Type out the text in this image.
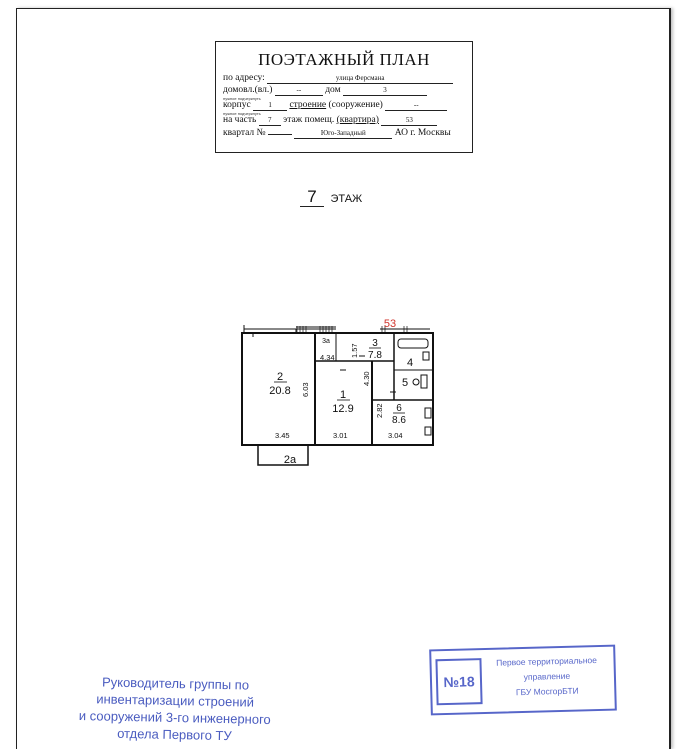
ПОЭТАЖНЫЙ ПЛАН
по адресу:	улица Ферсмана
домовл.(вл.)	--	дом	3
нужное подчеркнуть
корпус	1 строение (сооружение)	--
нужное подчеркнуть
на часть 7 этаж помещ. (квартира)	53
квартал №	Юго-Западный	АО г. Москвы
7 ЭТАЖ
53
2
20.8	1
12.9
3
7.8
3а
4
5
6
8.6
2а
1.57
4.34
4.30
6.03
2.82
3.45	3.01	3.04
Руководитель группы по
инвентаризации строений
и сооружений 3-го инженерного
отдела Первого ТУ
№18
Первое территориальное
управление
ГБУ МосгорБТИ
